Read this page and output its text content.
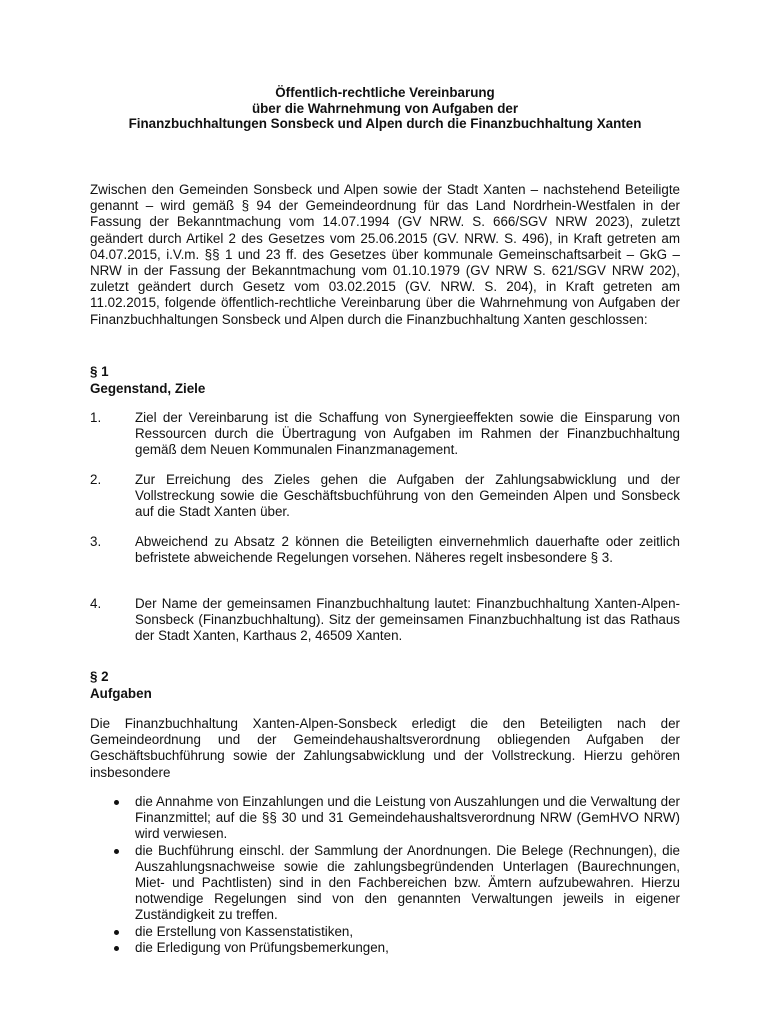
Öffentlich-rechtliche Vereinbarung
über die Wahrnehmung von Aufgaben der
Finanzbuchhaltungen Sonsbeck und Alpen durch die Finanzbuchhaltung Xanten
Zwischen den Gemeinden Sonsbeck und Alpen sowie der Stadt Xanten – nachstehend Beteiligte genannt – wird gemäß § 94 der Gemeindeordnung für das Land Nordrhein-Westfalen in der Fassung der Bekanntmachung vom 14.07.1994 (GV NRW. S. 666/SGV NRW 2023), zuletzt geändert durch Artikel 2 des Gesetzes vom 25.06.2015 (GV. NRW. S. 496), in Kraft getreten am 04.07.2015, i.V.m. §§ 1 und 23 ff. des Gesetzes über kommunale Gemeinschaftsarbeit – GkG – NRW in der Fassung der Bekanntmachung vom 01.10.1979 (GV NRW S. 621/SGV NRW 202), zuletzt geändert durch Gesetz vom 03.02.2015 (GV. NRW. S. 204), in Kraft getreten am 11.02.2015, folgende öffentlich-rechtliche Vereinbarung über die Wahrnehmung von Aufgaben der Finanzbuchhaltungen Sonsbeck und Alpen durch die Finanzbuchhaltung Xanten geschlossen:
§ 1
Gegenstand, Ziele
1.	Ziel der Vereinbarung ist die Schaffung von Synergieeffekten sowie die Einsparung von Ressourcen durch die Übertragung von Aufgaben im Rahmen der Finanzbuchhaltung gemäß dem Neuen Kommunalen Finanzmanagement.
2.	Zur Erreichung des Zieles gehen die Aufgaben der Zahlungsabwicklung und der Vollstreckung sowie die Geschäftsbuchführung von den Gemeinden Alpen und Sonsbeck auf die Stadt Xanten über.
3.	Abweichend zu Absatz 2 können die Beteiligten einvernehmlich dauerhafte oder zeitlich befristete abweichende Regelungen vorsehen. Näheres regelt insbesondere § 3.
4.	Der Name der gemeinsamen Finanzbuchhaltung lautet: Finanzbuchhaltung Xanten-Alpen-Sonsbeck (Finanzbuchhaltung). Sitz der gemeinsamen Finanzbuchhaltung ist das Rathaus der Stadt Xanten, Karthaus 2, 46509 Xanten.
§ 2
Aufgaben
Die Finanzbuchhaltung Xanten-Alpen-Sonsbeck erledigt die den Beteiligten nach der Gemeindeordnung und der Gemeindehaushaltsverordnung obliegenden Aufgaben der Geschäftsbuchführung sowie der Zahlungsabwicklung und der Vollstreckung. Hierzu gehören insbesondere
die Annahme von Einzahlungen und die Leistung von Auszahlungen und die Verwaltung der Finanzmittel; auf die §§ 30 und 31 Gemeindehaushaltsverordnung NRW (GemHVO NRW) wird verwiesen.
die Buchführung einschl. der Sammlung der Anordnungen. Die Belege (Rechnungen), die Auszahlungsnachweise sowie die zahlungsbegründenden Unterlagen (Baurechnungen, Miet- und Pachtlisten) sind in den Fachbereichen bzw. Ämtern aufzubewahren. Hierzu notwendige Regelungen sind von den genannten Verwaltungen jeweils in eigener Zuständigkeit zu treffen.
die Erstellung von Kassenstatistiken,
die Erledigung von Prüfungsbemerkungen,
